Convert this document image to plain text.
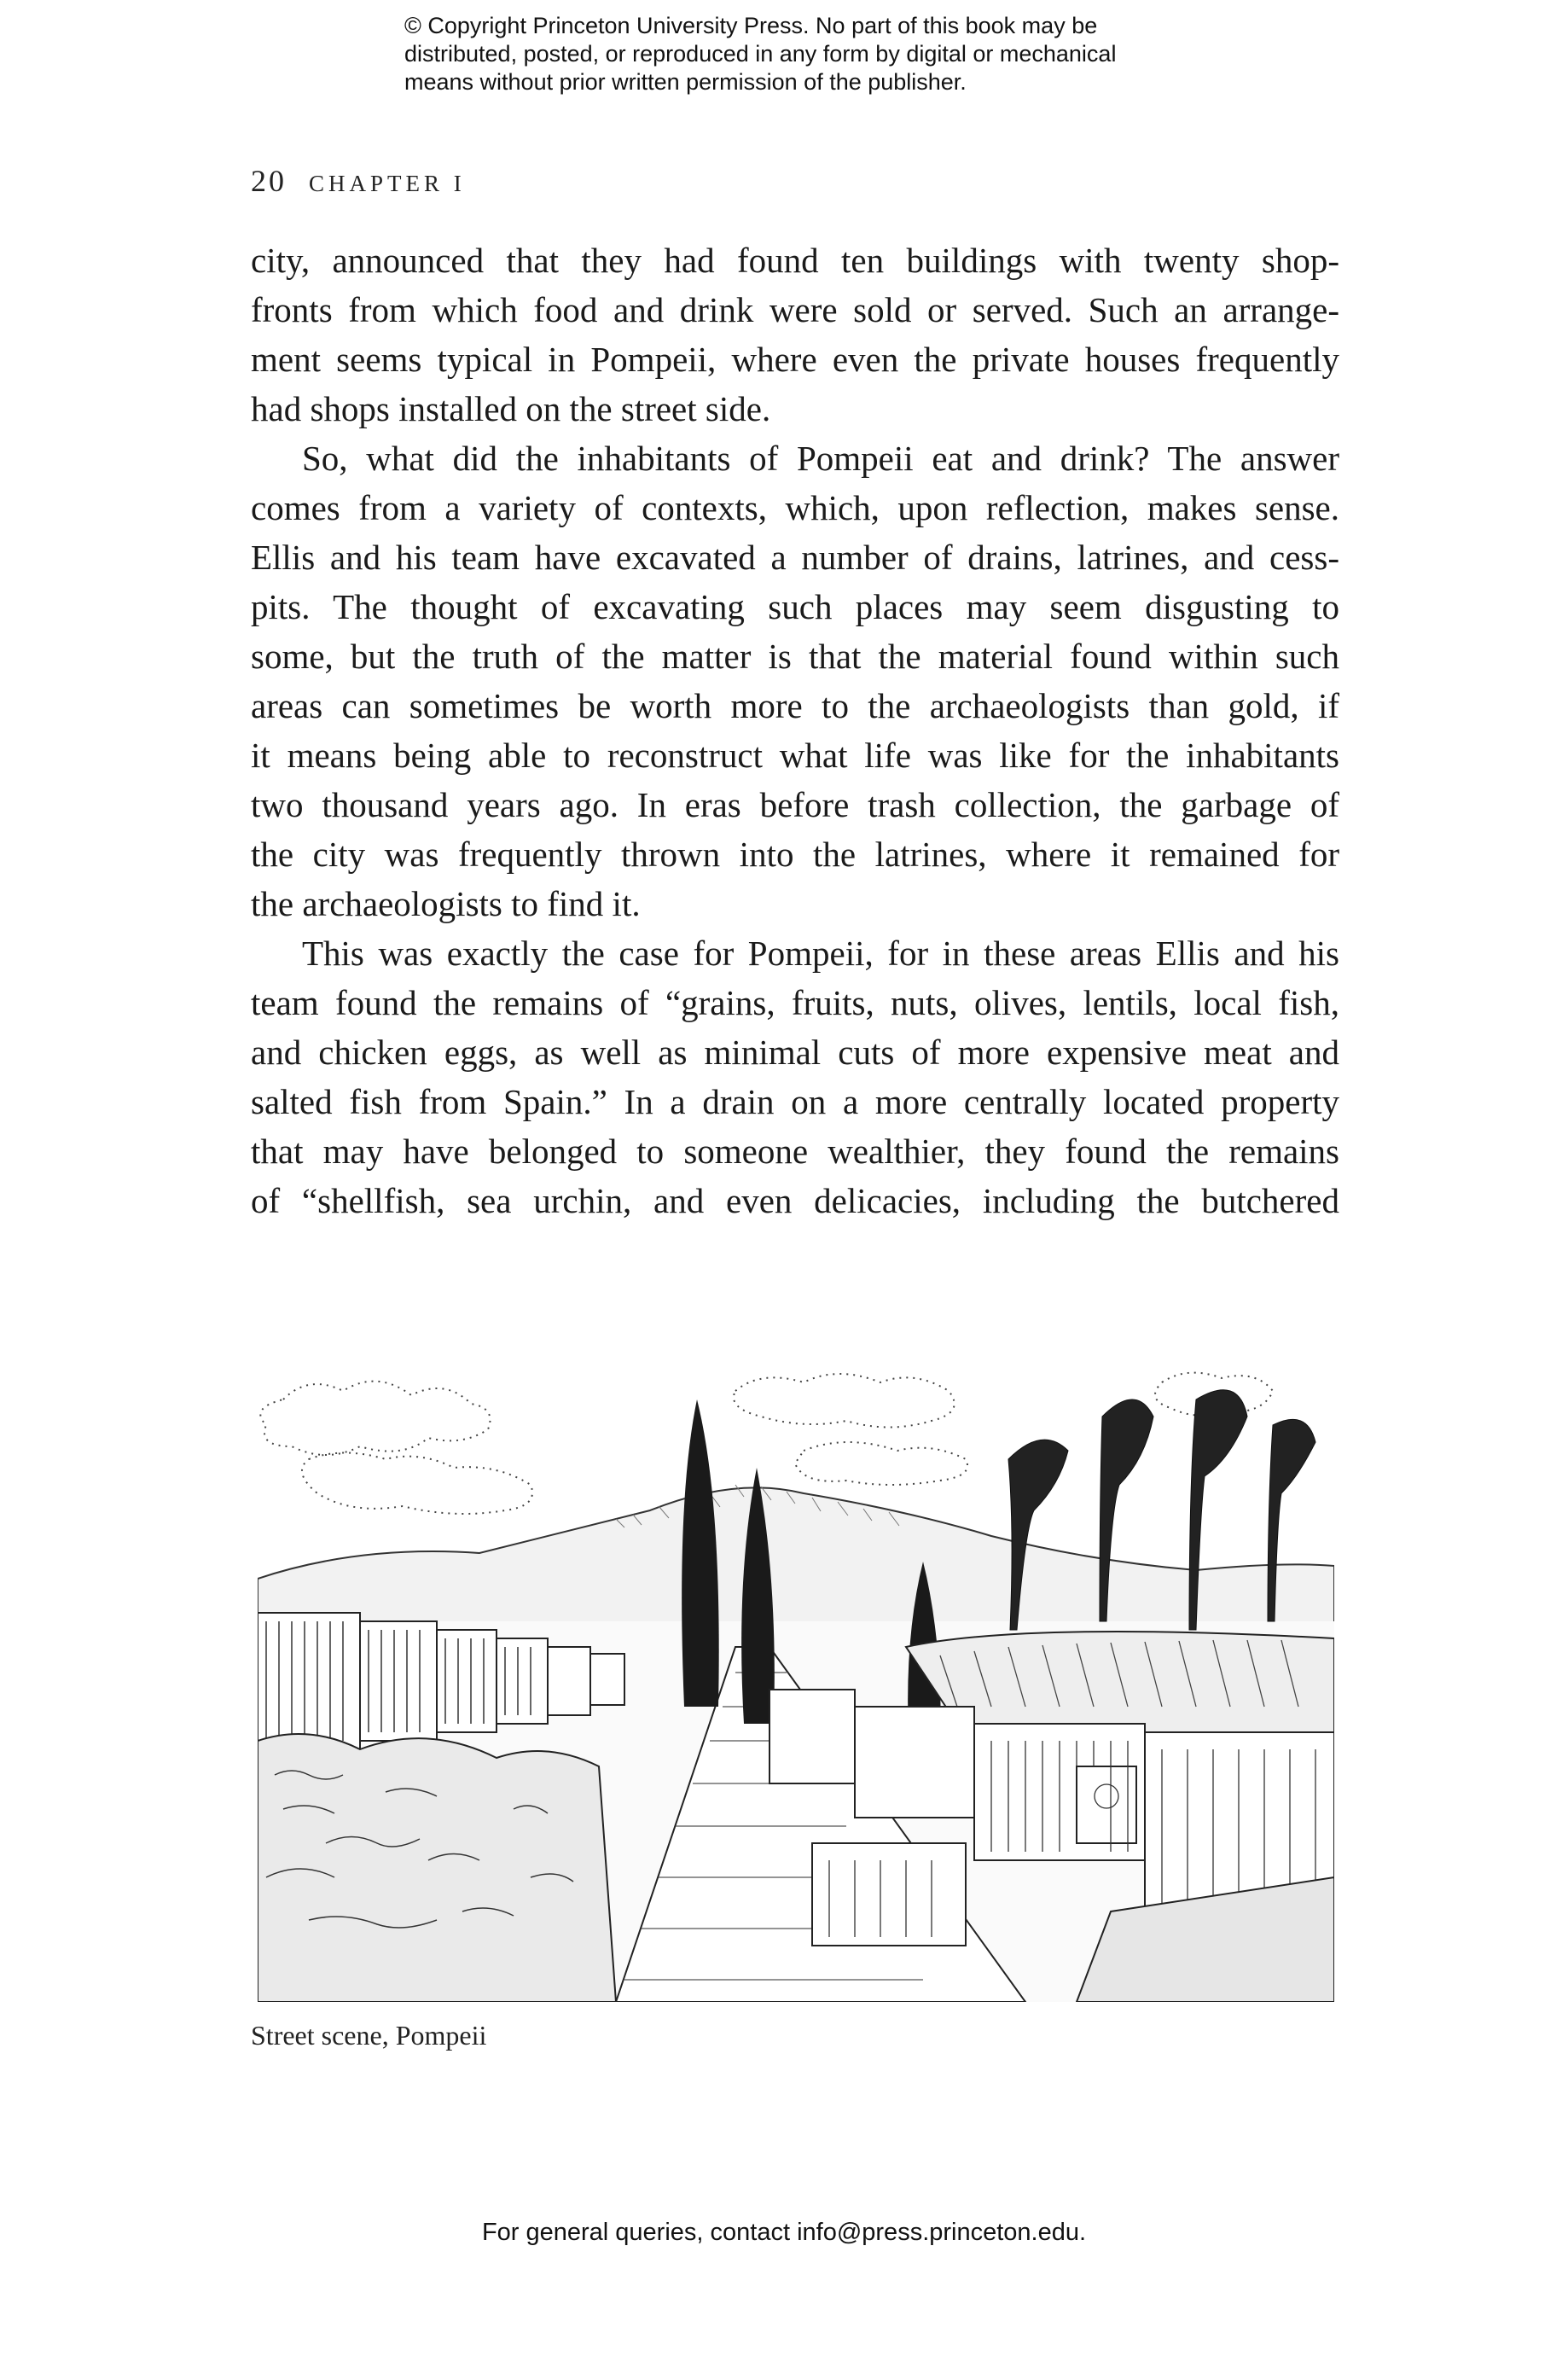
© Copyright Princeton University Press. No part of this book may be
distributed, posted, or reproduced in any form by digital or mechanical
means without prior written permission of the publisher.
20 CHAPTER I
city, announced that they had found ten buildings with twenty shop-
fronts from which food and drink were sold or served. Such an arrange-
ment seems typical in Pompeii, where even the private houses frequently
had shops installed on the street side.
So, what did the inhabitants of Pompeii eat and drink? The answer
comes from a variety of contexts, which, upon reflection, makes sense.
Ellis and his team have excavated a number of drains, latrines, and cess-
pits. The thought of excavating such places may seem disgusting to
some, but the truth of the matter is that the material found within such
areas can sometimes be worth more to the archaeologists than gold, if
it means being able to reconstruct what life was like for the inhabitants
two thousand years ago. In eras before trash collection, the garbage of
the city was frequently thrown into the latrines, where it remained for
the archaeologists to find it.
This was exactly the case for Pompeii, for in these areas Ellis and his
team found the remains of “grains, fruits, nuts, olives, lentils, local fish,
and chicken eggs, as well as minimal cuts of more expensive meat and
salted fish from Spain.” In a drain on a more centrally located property
that may have belonged to someone wealthier, they found the remains
of “shellfish, sea urchin, and even delicacies, including the butchered
Street scene, Pompeii
For general queries, contact info@press.princeton.edu.
